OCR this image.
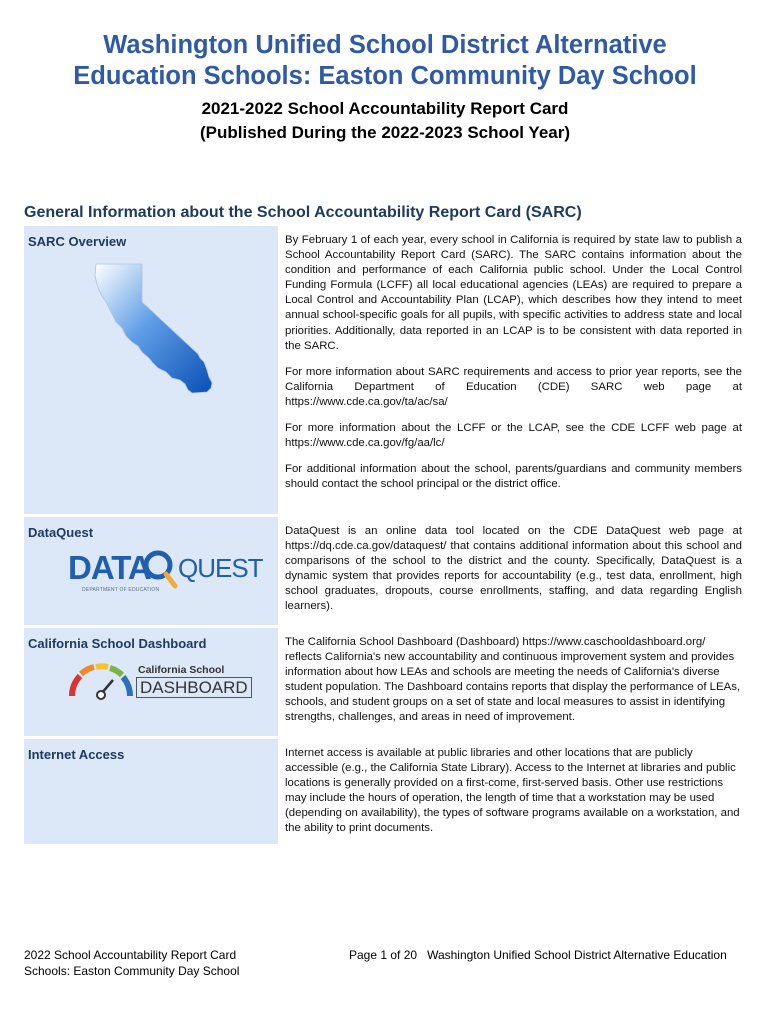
Washington Unified School District Alternative
Education Schools: Easton Community Day School
2021-2022 School Accountability Report Card
(Published During the 2022-2023 School Year)
General Information about the School Accountability Report Card (SARC)
SARC Overview	By February 1 of each year, every school in California is required by state law to publish a School Accountability Report Card (SARC). The SARC contains information about the condition and performance of each California public school. Under the Local Control Funding Formula (LCFF) all local educational agencies (LEAs) are required to prepare a Local Control and Accountability Plan (LCAP), which describes how they intend to meet annual school-specific goals for all pupils, with specific activities to address state and local priorities. Additionally, data reported in an LCAP is to be consistent with data reported in the SARC.

For more information about SARC requirements and access to prior year reports, see the California Department of Education (CDE) SARC web page at https://www.cde.ca.gov/ta/ac/sa/

For more information about the LCFF or the LCAP, see the CDE LCFF web page at https://www.cde.ca.gov/fg/aa/lc/

For additional information about the school, parents/guardians and community members should contact the school principal or the district office.

DataQuest
DATA QUEST
DEPARTMENT OF EDUCATION

DataQuest is an online data tool located on the CDE DataQuest web page at https://dq.cde.ca.gov/dataquest/ that contains additional information about this school and comparisons of the school to the district and the county. Specifically, DataQuest is a dynamic system that provides reports for accountability (e.g., test data, enrollment, high school graduates, dropouts, course enrollments, staffing, and data regarding English learners).

California School Dashboard
California School
DASHBOARD

The California School Dashboard (Dashboard) https://www.caschooldashboard.org/ reflects California's new accountability and continuous improvement system and provides information about how LEAs and schools are meeting the needs of California's diverse student population. The Dashboard contains reports that display the performance of LEAs, schools, and student groups on a set of state and local measures to assist in identifying strengths, challenges, and areas in need of improvement.

Internet Access	Internet access is available at public libraries and other locations that are publicly accessible (e.g., the California State Library). Access to the Internet at libraries and public locations is generally provided on a first-come, first-served basis. Other use restrictions may include the hours of operation, the length of time that a workstation may be used (depending on availability), the types of software programs available on a workstation, and the ability to print documents.

2022 School Accountability Report Card
Schools: Easton Community Day School
Page 1 of 20 Washington Unified School District Alternative Education
